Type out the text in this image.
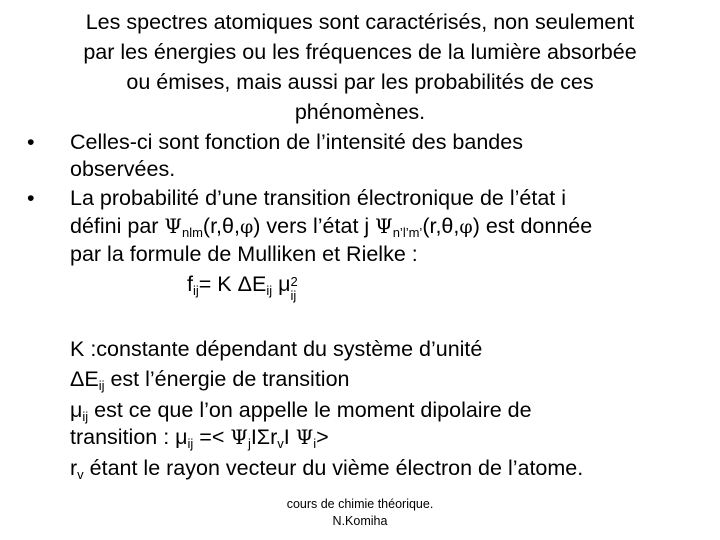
Les spectres atomiques sont caractérisés, non seulement
par les énergies ou les fréquences de la lumière absorbée
ou émises, mais aussi par les probabilités de ces
phénomènes.
• Celles-ci sont fonction de l’intensité des bandes
observées.
• La probabilité d’une transition électronique de l’état i
défini par $\Psi_{nlm}(r,\theta,\varphi)$ vers l’état j $\Psi_{n’l’m’}(r,\theta,\varphi)$ est donnée
par la formule de Mulliken et Rielke :
$f_{ij}= K$ $\Delta E_{ij}$ μ 2
ij
K :constante dépendant du système d’unité
$\Delta E_{ij}$ est l’énergie de transition
$\mu_{ij}$ est ce que l’on appelle le moment dipolaire de
transition : $\mu_{ij} =< \Psi_jI\Sigma r_vI$ $\Psi_i>$
$r_v$ étant le rayon vecteur du vième électron de l’atome.
cours de chimie théorique.
N.Komiha
